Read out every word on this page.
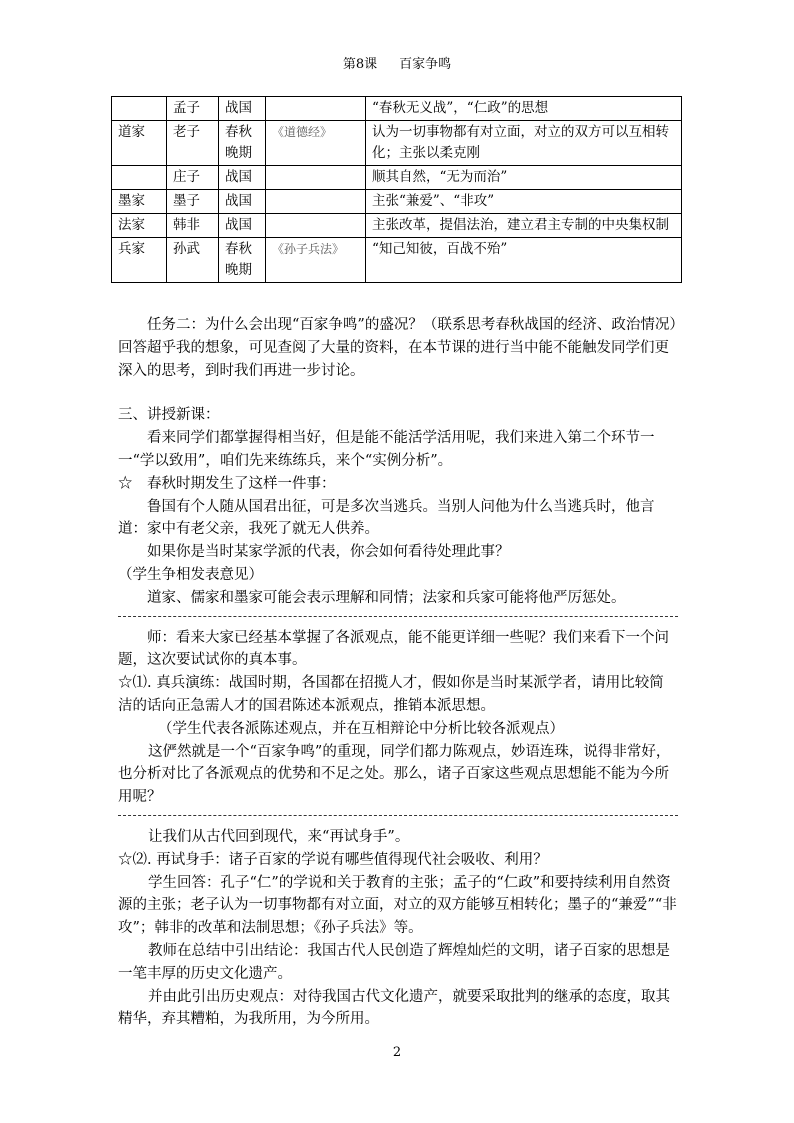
第8课 百家争鸣
	孟子	战国		“春秋无义战”，“仁政”的思想
道家	老子	春秋晚期	《道德经》	认为一切事物都有对立面，对立的双方可以互相转化；主张以柔克刚
	庄子	战国		顺其自然，“无为而治”
墨家	墨子	战国		主张“兼爱”、“非攻”
法家	韩非	战国		主张改革，提倡法治，建立君主专制的中央集权制
兵家	孙武	春秋晚期	《孙子兵法》	“知己知彼，百战不殆”

任务二：为什么会出现“百家争鸣”的盛况？（联系思考春秋战国的经济、政治情况）　回答超乎我的想象，可见查阅了大量的资料，在本节课的进行当中能不能触发同学们更深入的思考，到时我们再进一步讨论。

三、讲授新课：

看来同学们都掌握得相当好，但是能不能活学活用呢，我们来进入第二个环节一一“学以致用”，咱们先来练练兵，来个“实例分析”。

☆　春秋时期发生了这样一件事：

鲁国有个人随从国君出征，可是多次当逃兵。当别人问他为什么当逃兵时，他言道：家中有老父亲，我死了就无人供养。

如果你是当时某家学派的代表，你会如何看待处理此事？

（学生争相发表意见）

道家、儒家和墨家可能会表示理解和同情；法家和兵家可能将他严厉惩处。

师：看来大家已经基本掌握了各派观点，能不能更详细一些呢？我们来看下一个问题，这次要试试你的真本事。

☆⑴. 真兵演练：战国时期，各国都在招揽人才，假如你是当时某派学者，请用比较简洁的话向正急需人才的国君陈述本派观点，推销本派思想。

（学生代表各派陈述观点，并在互相辩论中分析比较各派观点）

这俨然就是一个“百家争鸣”的重现，同学们都力陈观点，妙语连珠，说得非常好，也分析对比了各派观点的优势和不足之处。那么，诸子百家这些观点思想能不能为今所用呢？

让我们从古代回到现代，来“再试身手”。

☆⑵. 再试身手：诸子百家的学说有哪些值得现代社会吸收、利用？

学生回答：孔子“仁”的学说和关于教育的主张；孟子的“仁政”和要持续利用自然资源的主张；老子认为一切事物都有对立面，对立的双方能够互相转化；墨子的“兼爱”“非攻”；韩非的改革和法制思想；《孙子兵法》等。

教师在总结中引出结论：我国古代人民创造了辉煌灿烂的文明，诸子百家的思想是一笔丰厚的历史文化遗产。

并由此引出历史观点：对待我国古代文化遗产，就要采取批判的继承的态度，取其精华，弃其糟粕，为我所用，为今所用。

2
